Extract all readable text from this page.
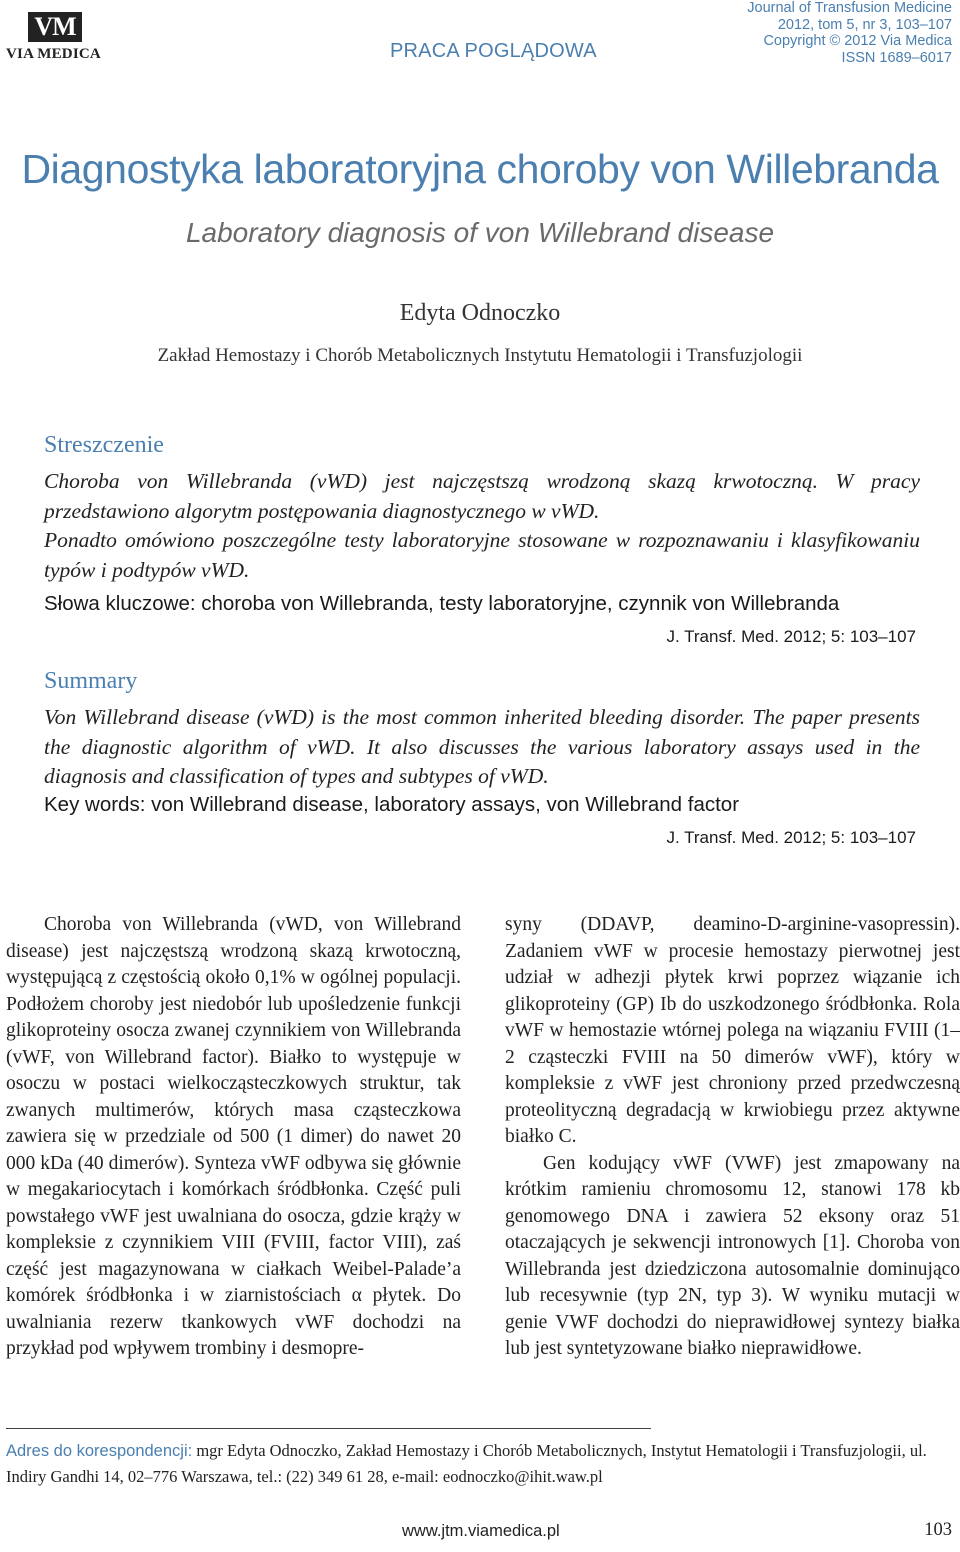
VM
VIA MEDICA	PRACA POGLĄDOWA
Journal of Transfusion Medicine
2012, tom 5, nr 3, 103–107
Copyright © 2012 Via Medica
ISSN 1689–6017
Diagnostyka laboratoryjna choroby von Willebranda
Laboratory diagnosis of von Willebrand disease
Edyta Odnoczko
Zakład Hemostazy i Chorób Metabolicznych Instytutu Hematologii i Transfuzjologii
Streszczenie

Choroba von Willebranda (vWD) jest najczęstszą wrodzoną skazą krwotoczną. W pracy przedstawiono algorytm postępowania diagnostycznego w vWD.

Ponadto omówiono poszczególne testy laboratoryjne stosowane w rozpoznawaniu i klasyfikowaniu typów i podtypów vWD.

Słowa kluczowe: choroba von Willebranda, testy laboratoryjne, czynnik von Willebranda
J. Transf. Med. 2012; 5: 103–107
Summary

Von Willebrand disease (vWD) is the most common inherited bleeding disorder. The paper presents the diagnostic algorithm of vWD. It also discusses the various laboratory assays used in the diagnosis and classification of types and subtypes of vWD.

Key words: von Willebrand disease, laboratory assays, von Willebrand factor
J. Transf. Med. 2012; 5: 103–107

Choroba von Willebranda (vWD, von Willebrand disease) jest najczęstszą wrodzoną skazą krwotoczną, występującą z częstością około 0,1% w ogólnej populacji. Podłożem choroby jest niedobór lub upośledzenie funkcji glikoproteiny osocza zwanej czynnikiem von Willebranda (vWF, von Willebrand factor). Białko to występuje w osoczu w postaci wielkocząsteczkowych struktur, tak zwanych multimerów, których masa cząsteczkowa zawiera się w przedziale od 500 (1 dimer) do nawet 20 000 kDa (40 dimerów). Synteza vWF odbywa się głównie w megakariocytach i komórkach śródbłonka. Część puli powstałego vWF jest uwalniana do osocza, gdzie krąży w kompleksie z czynnikiem VIII (FVIII, factor VIII), zaś część jest magazynowana w ciałkach Weibel-Palade’a komórek śródbłonka i w ziarnistościach α płytek. Do uwalniania rezerw tkankowych vWF dochodzi na przykład pod wpływem trombiny i desmopre-

syny (DDAVP, deamino-D-arginine-vasopressin). Zadaniem vWF w procesie hemostazy pierwotnej jest udział w adhezji płytek krwi poprzez wiązanie ich glikoproteiny (GP) Ib do uszkodzonego śródbłonka. Rola vWF w hemostazie wtórnej polega na wiązaniu FVIII (1–2 cząsteczki FVIII na 50 dimerów vWF), który w kompleksie z vWF jest chroniony przed przedwczesną proteolityczną degradacją w krwiobiegu przez aktywne białko C.

Gen kodujący vWF (VWF) jest zmapowany na krótkim ramieniu chromosomu 12, stanowi 178 kb genomowego DNA i zawiera 52 eksony oraz 51 otaczających je sekwencji intronowych [1]. Choroba von Willebranda jest dziedziczona autosomalnie dominująco lub recesywnie (typ 2N, typ 3). W wyniku mutacji w genie VWF dochodzi do nieprawidłowej syntezy białka lub jest syntetyzowane białko nieprawidłowe.

Adres do korespondencji: mgr Edyta Odnoczko, Zakład Hemostazy i Chorób Metabolicznych, Instytut Hematologii i Transfuzjologii, ul. Indiry Gandhi 14, 02–776 Warszawa, tel.: (22) 349 61 28, e-mail: eodnoczko@ihit.waw.pl
www.jtm.viamedica.pl	103
